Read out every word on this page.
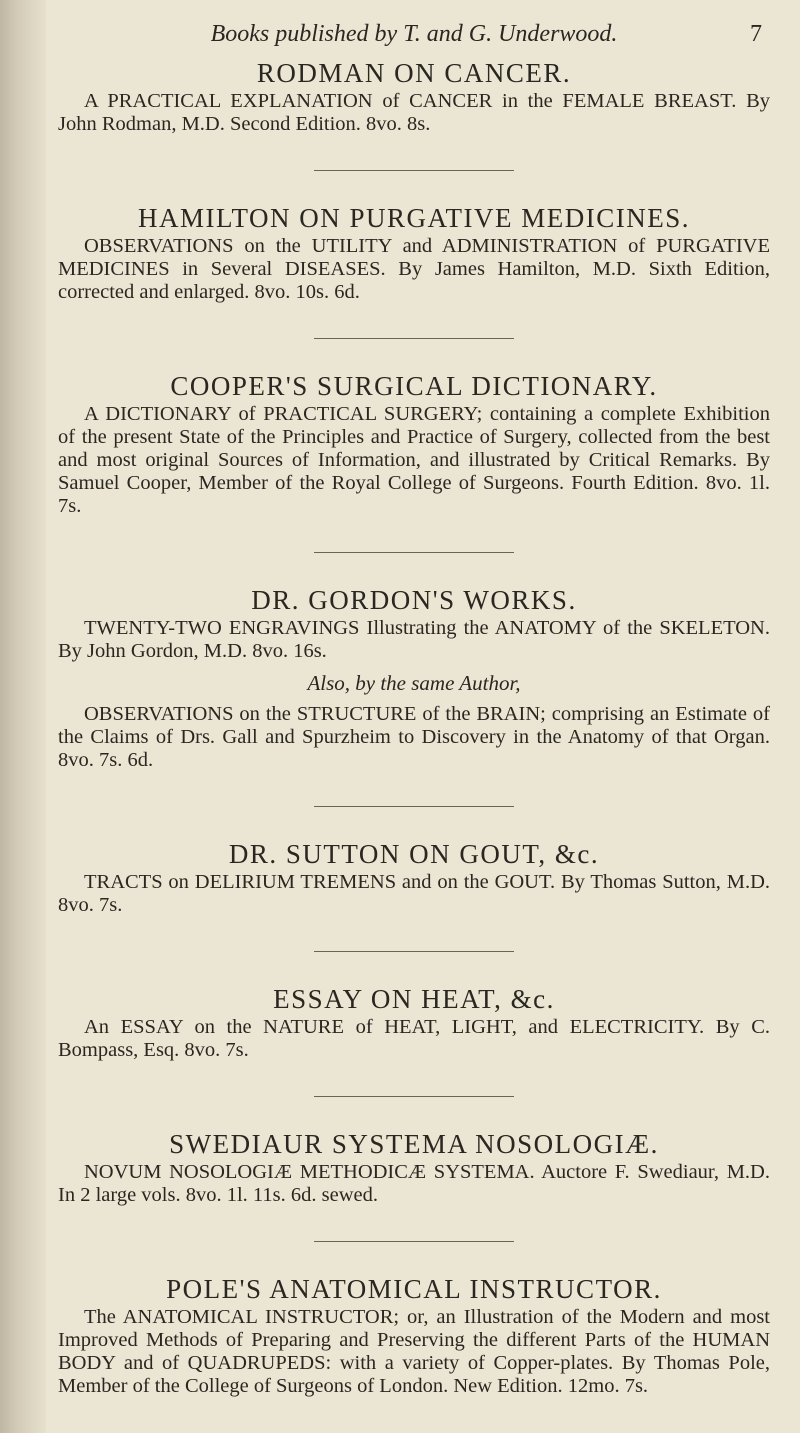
Books published by T. and G. Underwood.	7
RODMAN ON CANCER.

A PRACTICAL EXPLANATION of CANCER in the FEMALE BREAST. By John Rodman, M.D. Second Edition. 8vo. 8s.

HAMILTON ON PURGATIVE MEDICINES.

OBSERVATIONS on the UTILITY and ADMINISTRATION of PURGATIVE MEDICINES in Several DISEASES. By James Hamilton, M.D. Sixth Edition, corrected and enlarged. 8vo. 10s. 6d.

COOPER'S SURGICAL DICTIONARY.

A DICTIONARY of PRACTICAL SURGERY; containing a complete Exhibition of the present State of the Principles and Practice of Surgery, collected from the best and most original Sources of Information, and illustrated by Critical Remarks. By Samuel Cooper, Member of the Royal College of Surgeons. Fourth Edition. 8vo. 1l. 7s.

DR. GORDON'S WORKS.

TWENTY-TWO ENGRAVINGS Illustrating the ANATOMY of the SKELETON. By John Gordon, M.D. 8vo. 16s.

Also, by the same Author,

OBSERVATIONS on the STRUCTURE of the BRAIN; comprising an Estimate of the Claims of Drs. Gall and Spurzheim to Discovery in the Anatomy of that Organ. 8vo. 7s. 6d.

DR. SUTTON ON GOUT, &c.

TRACTS on DELIRIUM TREMENS and on the GOUT. By Thomas Sutton, M.D. 8vo. 7s.

ESSAY ON HEAT, &c.

An ESSAY on the NATURE of HEAT, LIGHT, and ELECTRICITY. By C. Bompass, Esq. 8vo. 7s.

SWEDIAUR SYSTEMA NOSOLOGIÆ.

NOVUM NOSOLOGIÆ METHODICÆ SYSTEMA. Auctore F. Swediaur, M.D. In 2 large vols. 8vo. 1l. 11s. 6d. sewed.

POLE'S ANATOMICAL INSTRUCTOR.

The ANATOMICAL INSTRUCTOR; or, an Illustration of the Modern and most Improved Methods of Preparing and Preserving the different Parts of the HUMAN BODY and of QUADRUPEDS: with a variety of Copper-plates. By Thomas Pole, Member of the College of Surgeons of London. New Edition. 12mo. 7s.
